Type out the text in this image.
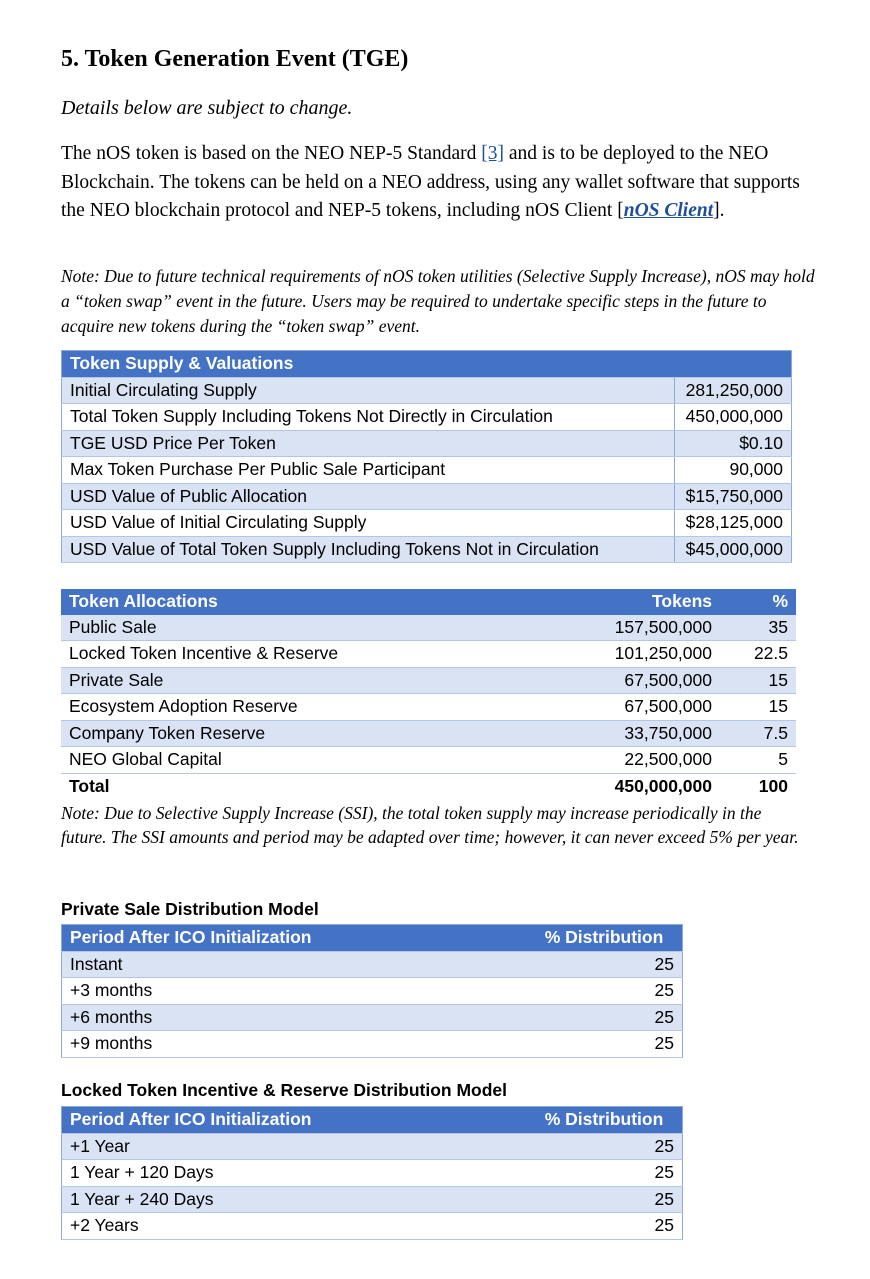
5. Token Generation Event (TGE)
Details below are subject to change.
The nOS token is based on the NEO NEP-5 Standard [3] and is to be deployed to the NEO Blockchain. The tokens can be held on a NEO address, using any wallet software that supports the NEO blockchain protocol and NEP-5 tokens, including nOS Client [nOS Client].
Note: Due to future technical requirements of nOS token utilities (Selective Supply Increase), nOS may hold a “token swap” event in the future. Users may be required to undertake specific steps in the future to acquire new tokens during the “token swap” event.
Token Supply & Valuations	
Initial Circulating Supply	281,250,000
Total Token Supply Including Tokens Not Directly in Circulation	450,000,000
TGE USD Price Per Token	$0.10
Max Token Purchase Per Public Sale Participant	90,000
USD Value of Public Allocation	$15,750,000
USD Value of Initial Circulating Supply	$28,125,000
USD Value of Total Token Supply Including Tokens Not in Circulation	$45,000,000
Token Allocations	Tokens	%
Public Sale	157,500,000	35
Locked Token Incentive & Reserve	101,250,000	22.5
Private Sale	67,500,000	15
Ecosystem Adoption Reserve	67,500,000	15
Company Token Reserve	33,750,000	7.5
NEO Global Capital	22,500,000	5
Total	450,000,000	100
Note: Due to Selective Supply Increase (SSI), the total token supply may increase periodically in the future. The SSI amounts and period may be adapted over time; however, it can never exceed 5% per year.
Private Sale Distribution Model
Period After ICO Initialization	% Distribution
Instant	25
+3 months	25
+6 months	25
+9 months	25
Locked Token Incentive & Reserve Distribution Model
Period After ICO Initialization	% Distribution
+1 Year	25
1 Year + 120 Days	25
1 Year + 240 Days	25
+2 Years	25
